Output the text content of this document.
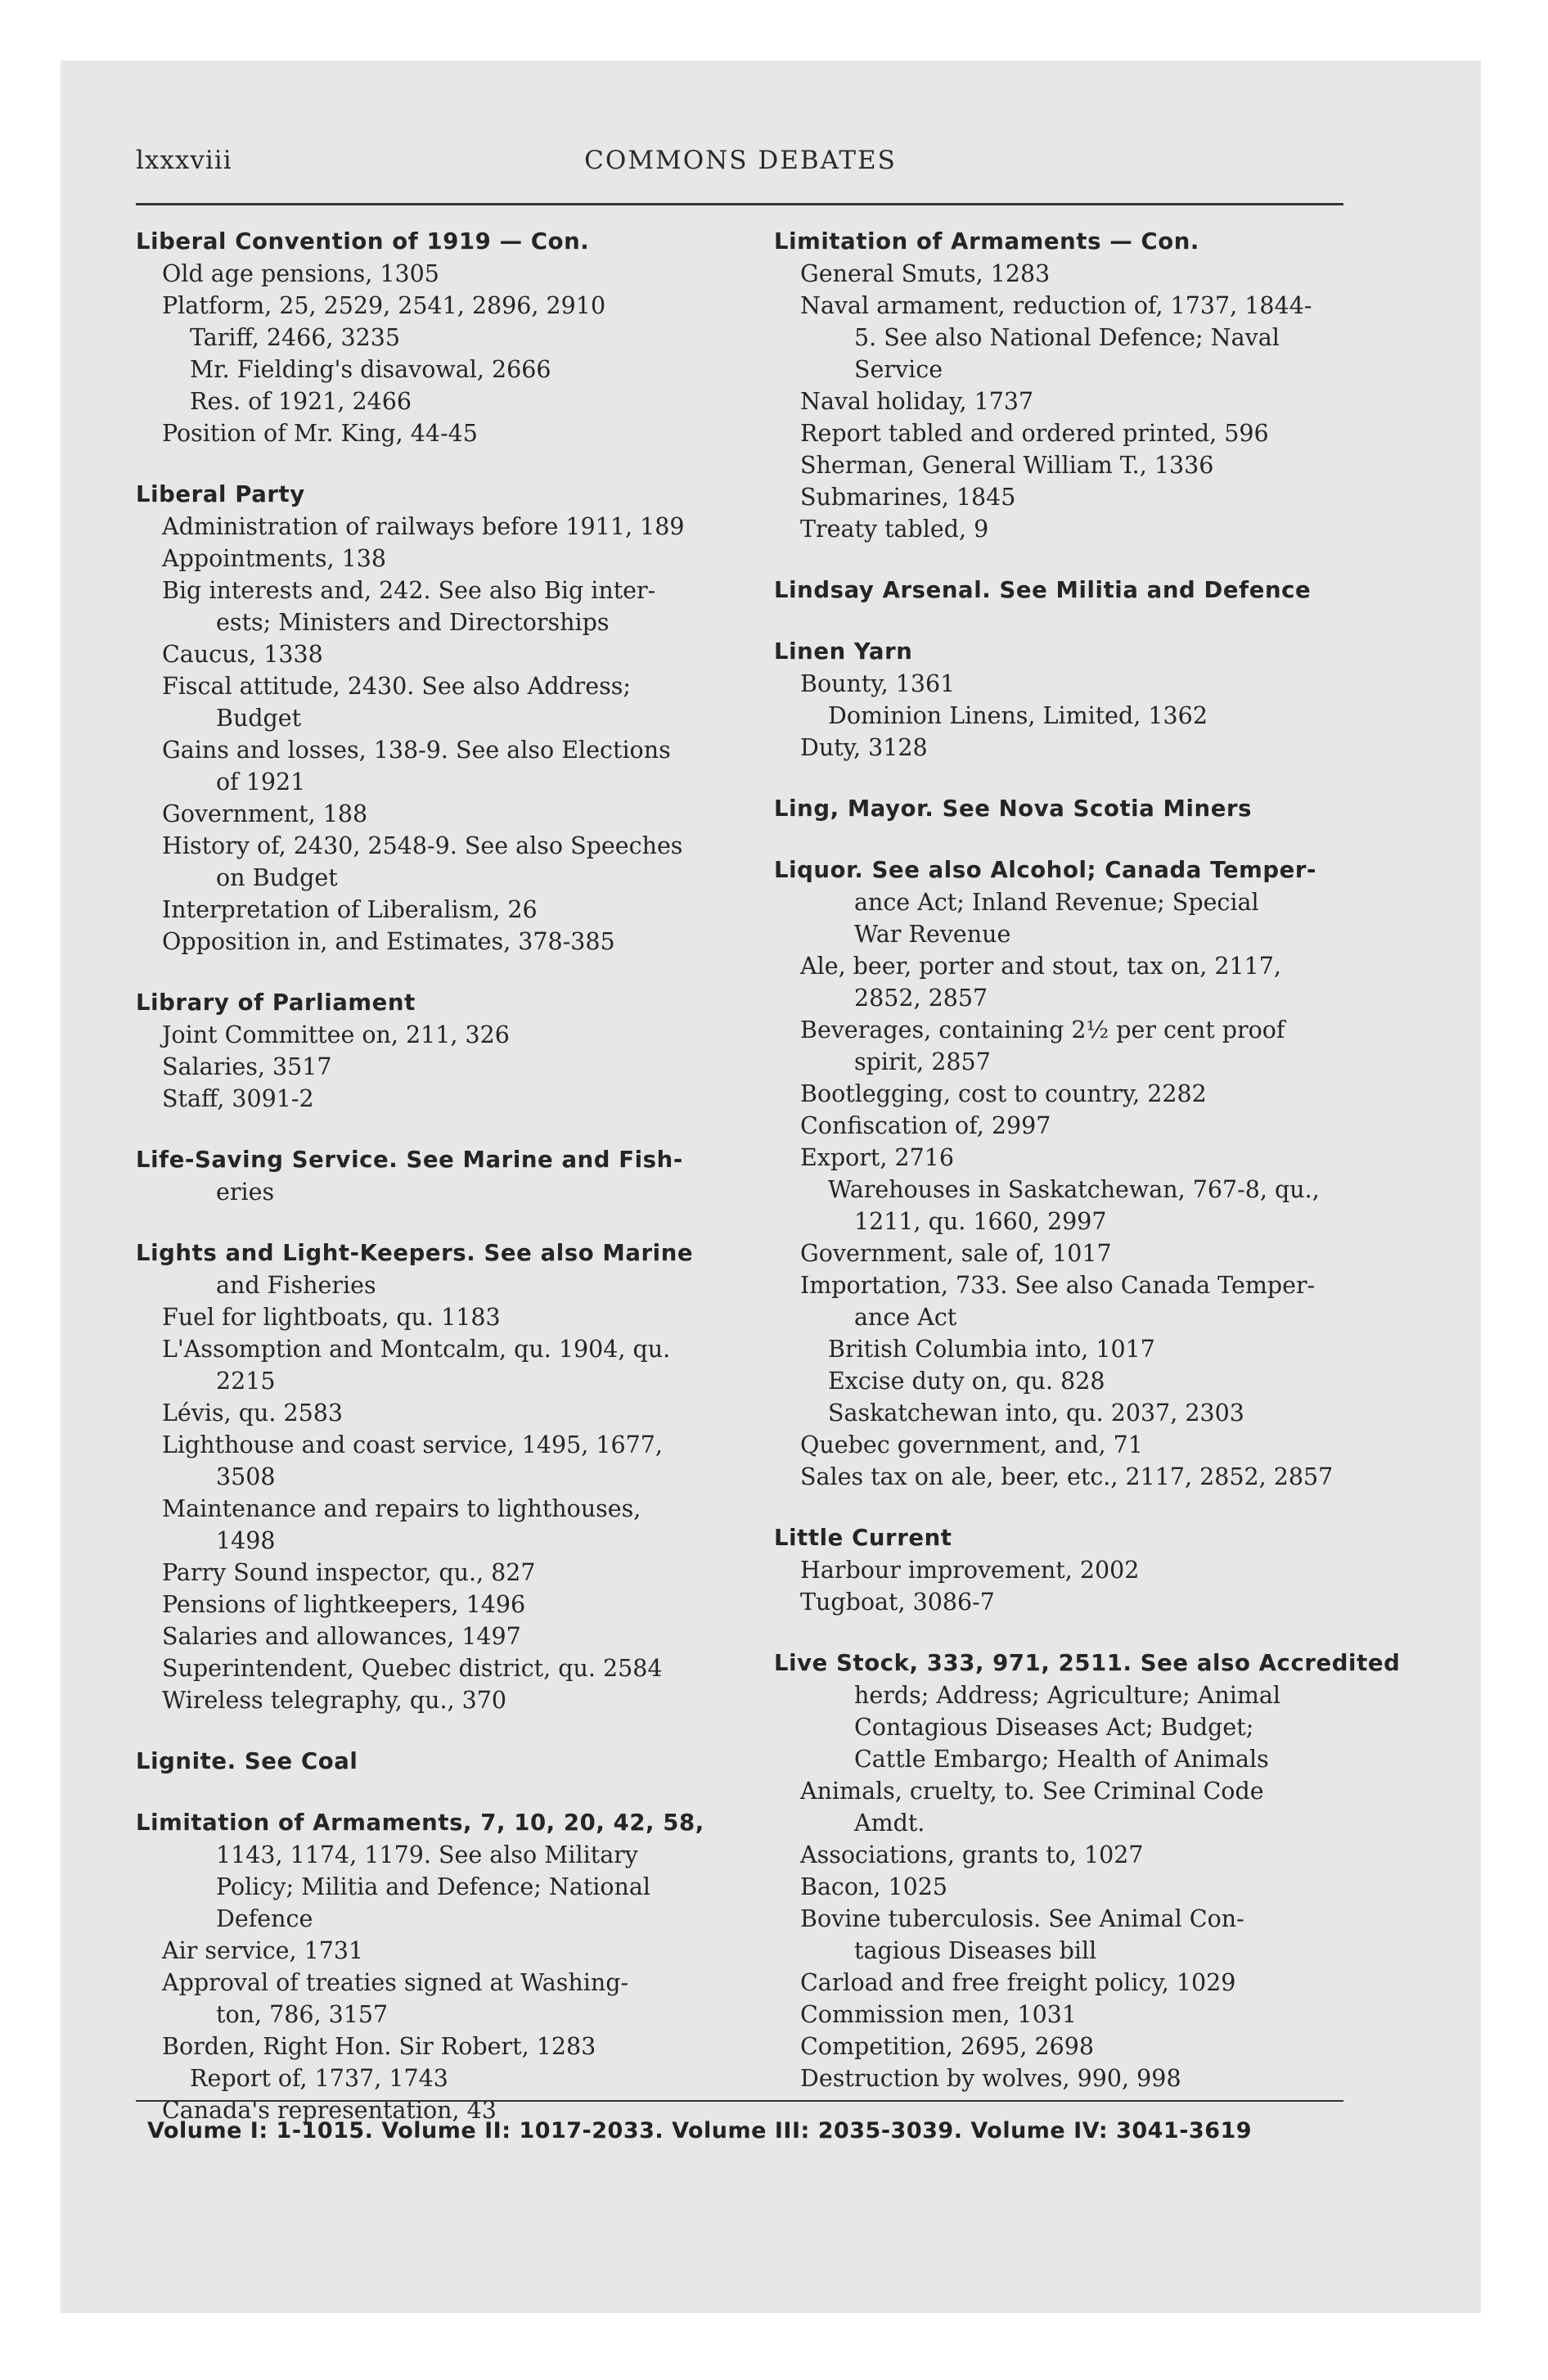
lxxxviii	COMMONS DEBATES
Liberal Convention of 1919 — Con.
Old age pensions, 1305
Platform, 25, 2529, 2541, 2896, 2910
Tariff, 2466, 3235
Mr. Fielding's disavowal, 2666
Res. of 1921, 2466
Position of Mr. King, 44-45
Liberal Party
Administration of railways before 1911, 189
Appointments, 138
Big interests and, 242. See also Big inter-
ests; Ministers and Directorships
Caucus, 1338
Fiscal attitude, 2430. See also Address;
Budget
Gains and losses, 138-9. See also Elections
of 1921
Government, 188
History of, 2430, 2548-9. See also Speeches
on Budget
Interpretation of Liberalism, 26
Opposition in, and Estimates, 378-385
Library of Parliament
Joint Committee on, 211, 326
Salaries, 3517
Staff, 3091-2
Life-Saving Service. See Marine and Fish-
eries
Lights and Light-Keepers. See also Marine
and Fisheries
Fuel for lightboats, qu. 1183
L'Assomption and Montcalm, qu. 1904, qu.
2215
Lévis, qu. 2583
Lighthouse and coast service, 1495, 1677,
3508
Maintenance and repairs to lighthouses,
1498
Parry Sound inspector, qu., 827
Pensions of lightkeepers, 1496
Salaries and allowances, 1497
Superintendent, Quebec district, qu. 2584
Wireless telegraphy, qu., 370
Lignite. See Coal
Limitation of Armaments, 7, 10, 20, 42, 58,
1143, 1174, 1179. See also Military
Policy; Militia and Defence; National
Defence
Air service, 1731
Approval of treaties signed at Washing-
ton, 786, 3157
Borden, Right Hon. Sir Robert, 1283
Report of, 1737, 1743
Canada's representation, 43
Limitation of Armaments — Con.
General Smuts, 1283
Naval armament, reduction of, 1737, 1844-
5. See also National Defence; Naval
Service
Naval holiday, 1737
Report tabled and ordered printed, 596
Sherman, General William T., 1336
Submarines, 1845
Treaty tabled, 9
Lindsay Arsenal. See Militia and Defence
Linen Yarn
Bounty, 1361
Dominion Linens, Limited, 1362
Duty, 3128
Ling, Mayor. See Nova Scotia Miners
Liquor. See also Alcohol; Canada Temper-
ance Act; Inland Revenue; Special
War Revenue
Ale, beer, porter and stout, tax on, 2117,
2852, 2857
Beverages, containing 2½ per cent proof
spirit, 2857
Bootlegging, cost to country, 2282
Confiscation of, 2997
Export, 2716
Warehouses in Saskatchewan, 767-8, qu.,
1211, qu. 1660, 2997
Government, sale of, 1017
Importation, 733. See also Canada Temper-
ance Act
British Columbia into, 1017
Excise duty on, qu. 828
Saskatchewan into, qu. 2037, 2303
Quebec government, and, 71
Sales tax on ale, beer, etc., 2117, 2852, 2857
Little Current
Harbour improvement, 2002
Tugboat, 3086-7
Live Stock, 333, 971, 2511. See also Accredited
herds; Address; Agriculture; Animal
Contagious Diseases Act; Budget;
Cattle Embargo; Health of Animals
Animals, cruelty, to. See Criminal Code
Amdt.
Associations, grants to, 1027
Bacon, 1025
Bovine tuberculosis. See Animal Con-
tagious Diseases bill
Carload and free freight policy, 1029
Commission men, 1031
Competition, 2695, 2698
Destruction by wolves, 990, 998
Volume I: 1-1015. Volume II: 1017-2033. Volume III: 2035-3039. Volume IV: 3041-3619
